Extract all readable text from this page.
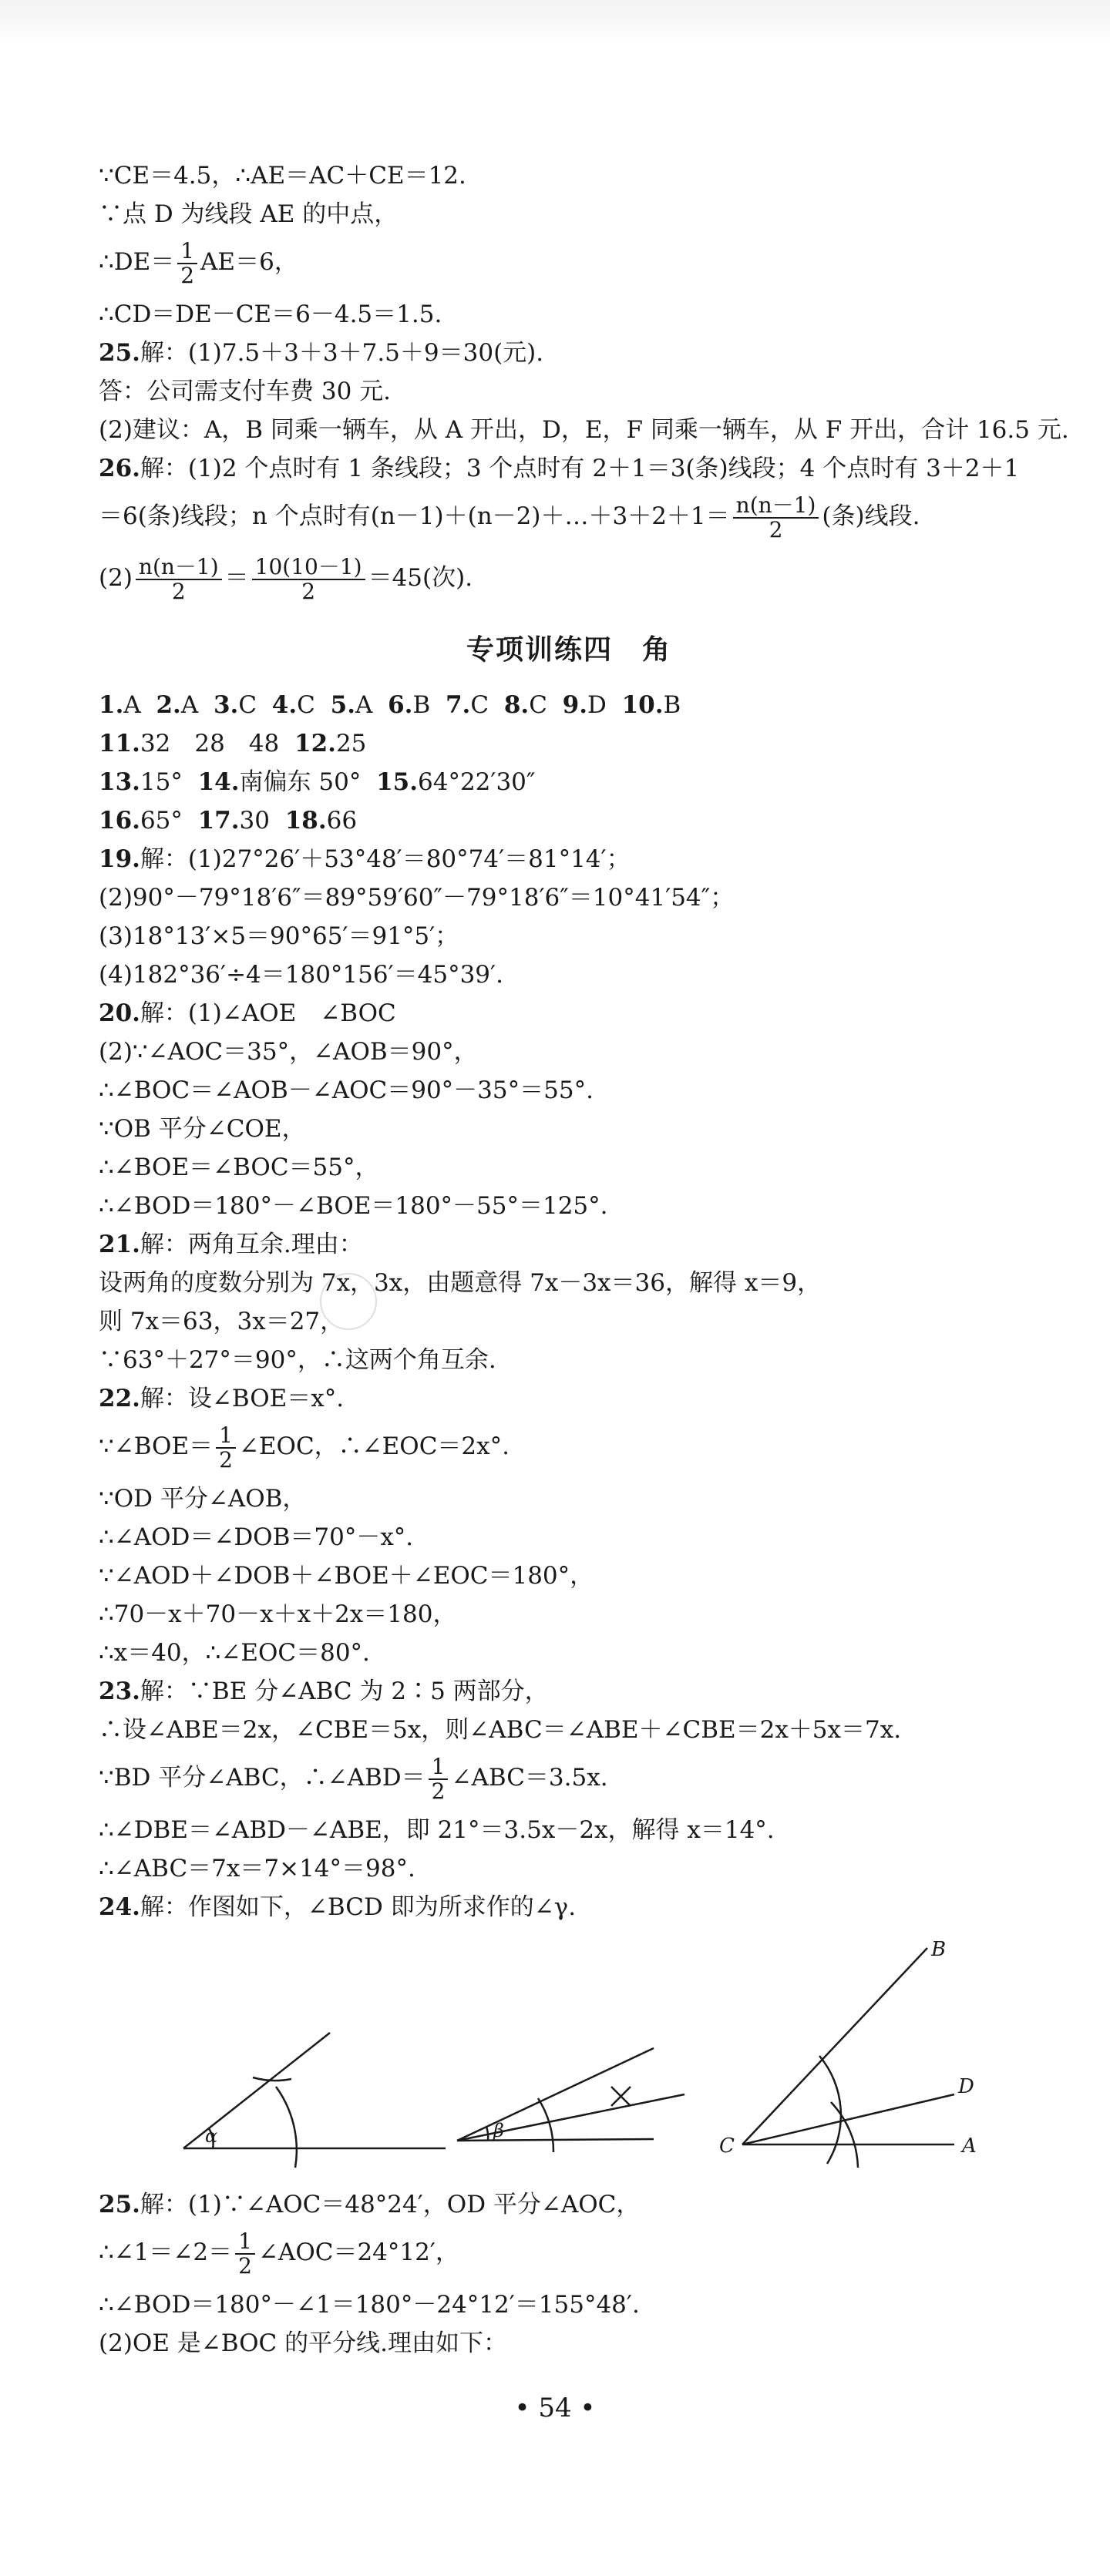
∵CE＝4.5，∴AE＝AC＋CE＝12.
∵点 D 为线段 AE 的中点，
∴DE＝ $\frac{1}{2} AE=6$，
∴CD＝DE－CE＝6－4.5＝1.5.
25.解：(1)7.5＋3＋3＋7.5＋9＝30(元).
答：公司需支付车费 30 元.
(2)建议：A，B 同乘一辆车，从 A 开出，D，E，F 同乘一辆车，从 F 开出，合计 16.5 元.
26.解：(1)2 个点时有 1 条线段；3 个点时有 2＋1＝3(条)线段；4 个点时有 3＋2＋1
＝6(条)线段；n 个点时有(n－1)＋(n－2)＋…＋3＋2＋1＝ $\frac{n(n-1)}{2}$ (条)线段.
$(2) \frac{n(n-1)}{2} = \frac{10(10-1)}{2} =45$(次).
专项训练四　角
1.A 2.A 3.C 4.C 5.A 6.B 7.C 8.C 9.D 10.B
11.32　28　48 12.25
13.15° 14.南偏东 50° 15.64°22′30″
16.65° 17.30 18.66
19.解：(1)27°26′＋53°48′＝80°74′＝81°14′；
(2)90°－79°18′6″＝89°59′60″－79°18′6″＝10°41′54″；
(3)18°13′×5＝90°65′＝91°5′；
(4)182°36′÷4＝180°156′＝45°39′.
20.解：(1)∠AOE　∠BOC
(2)∵∠AOC＝35°，∠AOB＝90°，
∴∠BOC＝∠AOB－∠AOC＝90°－35°＝55°.
∵OB 平分∠COE，
∴∠BOE＝∠BOC＝55°，
∴∠BOD＝180°－∠BOE＝180°－55°＝125°.
21.解：两角互余.理由：
设两角的度数分别为 7x，3x，由题意得 7x－3x＝36，解得 x＝9，
则 7x＝63，3x＝27，
∵63°＋27°＝90°，∴这两个角互余.
22.解：设∠BOE＝x°.
∵∠BOE＝ $\frac{1}{2}$ ∠EOC，∴∠EOC＝2x°.
∵OD 平分∠AOB，
∴∠AOD＝∠DOB＝70°－x°.
∵∠AOD＋∠DOB＋∠BOE＋∠EOC＝180°，
∴70－x＋70－x＋x＋2x＝180，
∴x＝40，∴∠EOC＝80°.
23.解：∵BE 分∠ABC 为 2∶5 两部分，
∴设∠ABE＝2x，∠CBE＝5x，则∠ABC＝∠ABE＋∠CBE＝2x＋5x＝7x.
∵BD 平分∠ABC，∴∠ABD＝ $\frac{1}{2}$ ∠ABC＝3.5x.
∴∠DBE＝∠ABD－∠ABE，即 21°＝3.5x－2x，解得 x＝14°.
∴∠ABC＝7x＝7×14°＝98°.
24.解：作图如下，∠BCD 即为所求作的∠γ.
α	β
B
D
C	A
25.解：(1)∵∠AOC＝48°24′，OD 平分∠AOC，
∴∠1＝∠2＝ $\frac{1}{2}$ ∠AOC＝24°12′，
∴∠BOD＝180°－∠1＝180°－24°12′＝155°48′.
(2)OE 是∠BOC 的平分线.理由如下：
• 54 •
